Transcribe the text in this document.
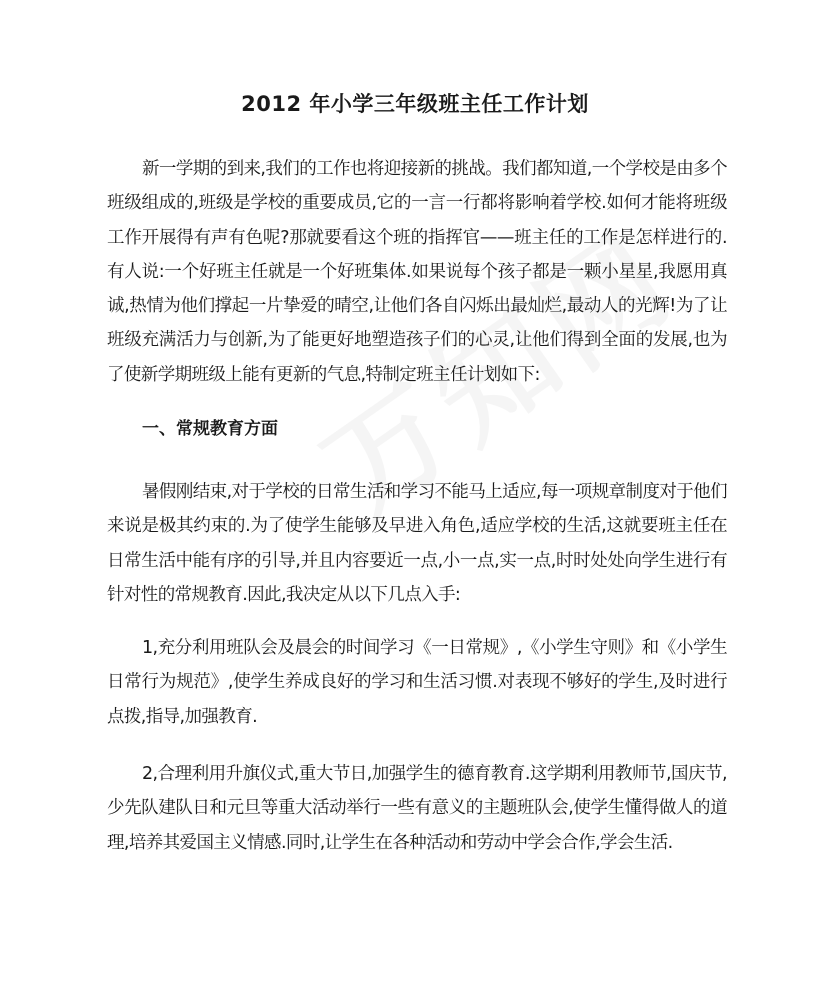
2012 年小学三年级班主任工作计划

新一学期的到来,我们的工作也将迎接新的挑战。我们都知道,一个学校是由多个班级组成的,班级是学校的重要成员,它的一言一行都将影响着学校.如何才能将班级工作开展得有声有色呢?那就要看这个班的指挥官——班主任的工作是怎样进行的.有人说:一个好班主任就是一个好班集体.如果说每个孩子都是一颗小星星,我愿用真诚,热情为他们撑起一片挚爱的晴空,让他们各自闪烁出最灿烂,最动人的光辉!为了让班级充满活力与创新,为了能更好地塑造孩子们的心灵,让他们得到全面的发展,也为了使新学期班级上能有更新的气息,特制定班主任计划如下:

一、常规教育方面

暑假刚结束,对于学校的日常生活和学习不能马上适应,每一项规章制度对于他们来说是极其约束的.为了使学生能够及早进入角色,适应学校的生活,这就要班主任在日常生活中能有序的引导,并且内容要近一点,小一点,实一点,时时处处向学生进行有针对性的常规教育.因此,我决定从以下几点入手:

1,充分利用班队会及晨会的时间学习《一日常规》,《小学生守则》和《小学生日常行为规范》,使学生养成良好的学习和生活习惯.对表现不够好的学生,及时进行点拨,指导,加强教育.

2,合理利用升旗仪式,重大节日,加强学生的德育教育.这学期利用教师节,国庆节,少先队建队日和元旦等重大活动举行一些有意义的主题班队会,使学生懂得做人的道理,培养其爱国主义情感.同时,让学生在各种活动和劳动中学会合作,学会生活.
